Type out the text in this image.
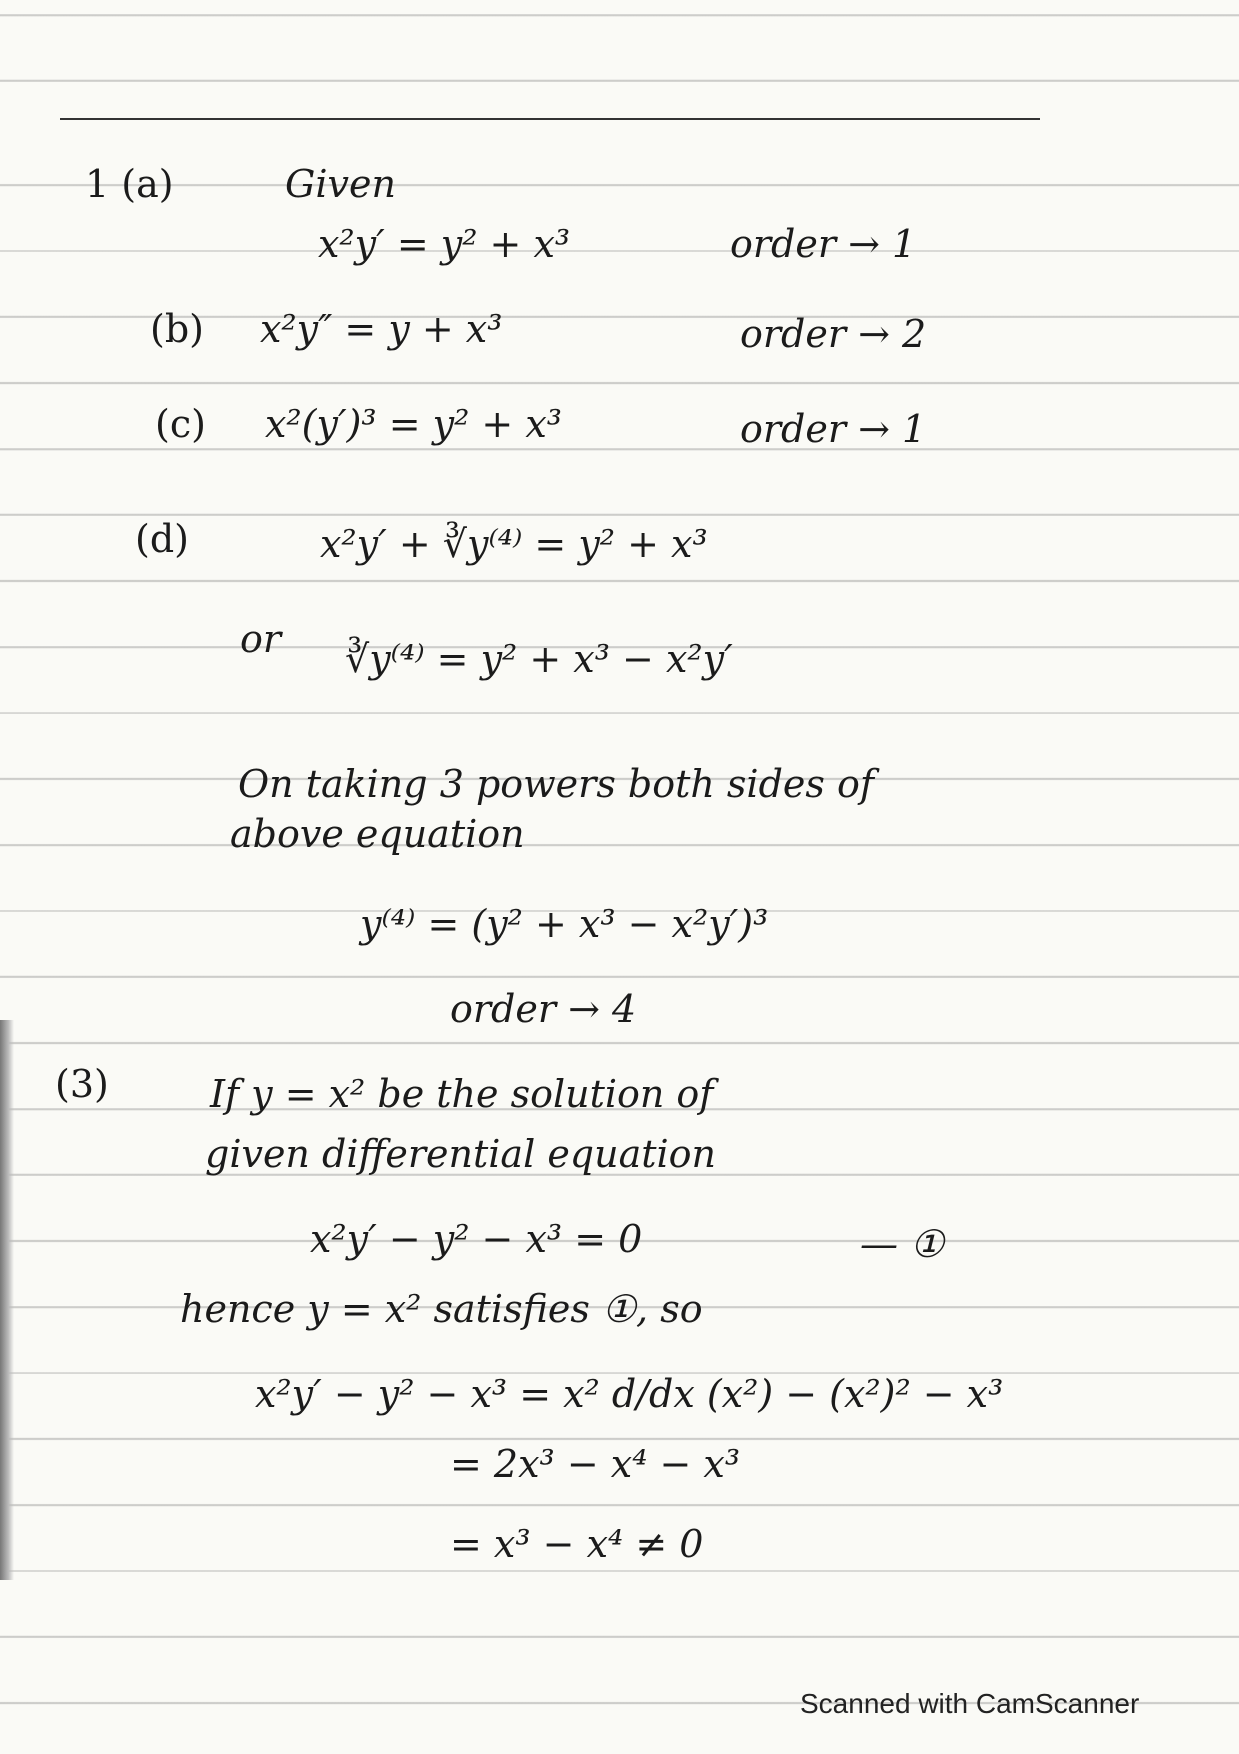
1 (a)	Given
x²y′ = y² + x³	order → 1
(b) x²y″ = y + x³	order → 2
(c) x²(y′)³ = y² + x³	order → 1
(d)	x²y′ + ∛y⁽⁴⁾ = y² + x³
or ∛y⁽⁴⁾ = y² + x³ − x²y′
On taking 3 powers both sides of
above equation
y⁽⁴⁾ = (y² + x³ − x²y′)³
order → 4
(3)	If y = x² be the solution of
given differential equation
x²y′ − y² − x³ = 0	— ①
hence y = x² satisfies ①, so
x²y′ − y² − x³ = x² d/dx (x²) − (x²)² − x³
= 2x³ − x⁴ − x³
= x³ − x⁴ ≠ 0
Scanned with CamScanner
